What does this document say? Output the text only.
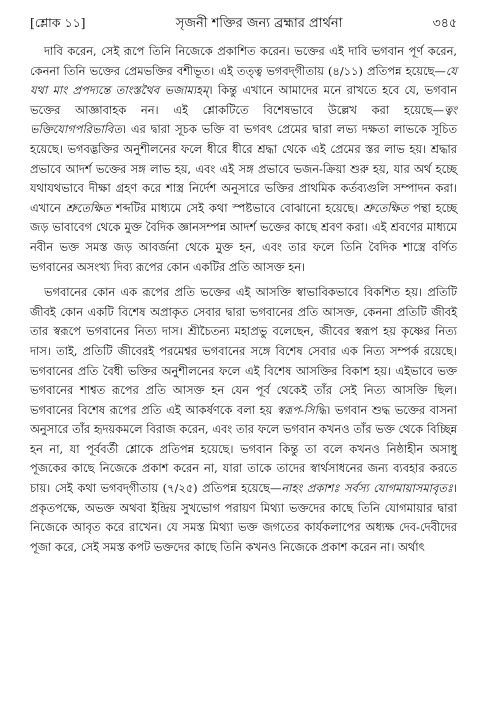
[শ্লোক ১১]	সৃজনী শক্তির জন্য ব্রহ্মার প্রার্থনা	৩৪৫

দাবি করেন, সেই রূপে তিনি নিজেকে প্রকাশিত করেন। ভক্তের এই দাবি ভগবান পূর্ণ করেন, কেননা তিনি ভক্তের প্রেমভক্তির বশীভূত। এই তত্ত্ব ভগবদ্‌গীতায় (৪/১১) প্রতিপন্ন হয়েছে—যে যথা মাং প্রপদ্যন্তে তাংস্তথৈব ভজাম্যহম্। কিন্তু এখানে আমাদের মনে রাখতে হবে যে, ভগবান ভক্তের আজ্ঞাবাহক নন। এই শ্লোকটিতে বিশেষভাবে উল্লেখ করা হয়েছে—ত্বং ভক্তিযোগপরিভাবিত। এর দ্বারা সূচক ভক্তি বা ভগবৎ প্রেমের দ্বারা লভ্য দক্ষতা লাভকে সূচিত হয়েছে। ভগবদ্ভক্তির অনুশীলনের ফলে ধীরে ধীরে শ্রদ্ধা থেকে এই প্রেমের স্তর লাভ হয়। শ্রদ্ধার প্রভাবে আদর্শ ভক্তের সঙ্গ লাভ হয়, এবং এই সঙ্গ প্রভাবে ভজন-ক্রিয়া শুরু হয়, যার অর্থ হচ্ছে যথাযথভাবে দীক্ষা গ্রহণ করে শাস্ত্র নির্দেশ অনুসারে ভক্তির প্রাথমিক কর্তব্যগুলি সম্পাদন করা। এখানে শ্রুতেক্ষিত শব্দটির মাধ্যমে সেই কথা স্পষ্টভাবে বোঝানো হয়েছে। শ্রুতেক্ষিত পন্থা হচ্ছে জড় ভাবাবেগ থেকে মুক্ত বৈদিক জ্ঞানসম্পন্ন আদর্শ ভক্তের কাছে শ্রবণ করা। এই শ্রবণের মাধ্যমে নবীন ভক্ত সমস্ত জড় আবর্জনা থেকে মুক্ত হন, এবং তার ফলে তিনি বৈদিক শাস্ত্রে বর্ণিত ভগবানের অসংখ্য দিব্য রূপের কোন একটির প্রতি আসক্ত হন।

ভগবানের কোন এক রূপের প্রতি ভক্তের এই আসক্তি স্বাভাবিকভাবে বিকশিত হয়। প্রতিটি জীবই কোন একটি বিশেষ অপ্রাকৃত সেবার দ্বারা ভগবানের প্রতি আসক্ত, কেননা প্রতিটি জীবই তার স্বরূপে ভগবানের নিত্য দাস। শ্রীচৈতন্য মহাপ্রভু বলেছেন, জীবের স্বরূপ হয় কৃষ্ণের নিত্য দাস। তাই, প্রতিটি জীবেরই পরমেশ্বর ভগবানের সঙ্গে বিশেষ সেবার এক নিত্য সম্পর্ক রয়েছে। ভগবানের প্রতি বৈধী ভক্তির অনুশীলনের ফলে এই বিশেষ আসক্তির বিকাশ হয়। এইভাবে ভক্ত ভগবানের শাশ্বত রূপের প্রতি আসক্ত হন যেন পূর্ব থেকেই তাঁর সেই নিত্য আসক্তি ছিল। ভগবানের বিশেষ রূপের প্রতি এই আকর্ষণকে বলা হয় স্বরূপ-সিদ্ধি। ভগবান শুদ্ধ ভক্তের বাসনা অনুসারে তাঁর হৃদয়কমলে বিরাজ করেন, এবং তার ফলে ভগবান কখনও তাঁর ভক্ত থেকে বিচ্ছিন্ন হন না, যা পূর্ববর্তী শ্লোকে প্রতিপন্ন হয়েছে। ভগবান কিন্তু তা বলে কখনও নিষ্ঠাহীন অসাধু পূজকের কাছে নিজেকে প্রকাশ করেন না, যারা তাকে তাদের স্বার্থসাধনের জন্য ব্যবহার করতে চায়। সেই কথা ভগবদ্‌গীতায় (৭/২৫) প্রতিপন্ন হয়েছে—নাহং প্রকাশঃ সর্বস্য যোগমায়াসমাবৃতঃ। প্রকৃতপক্ষে, অভক্ত অথবা ইন্দ্রিয় সুখভোগ পরায়ণ মিথ্যা ভক্তদের কাছে তিনি যোগমায়ার দ্বারা নিজেকে আবৃত করে রাখেন। যে সমস্ত মিথ্যা ভক্ত জগতের কার্যকলাপের অধ্যক্ষ দেব-দেবীদের পূজা করে, সেই সমস্ত কপট ভক্তদের কাছে তিনি কখনও নিজেকে প্রকাশ করেন না। অর্থাৎ
